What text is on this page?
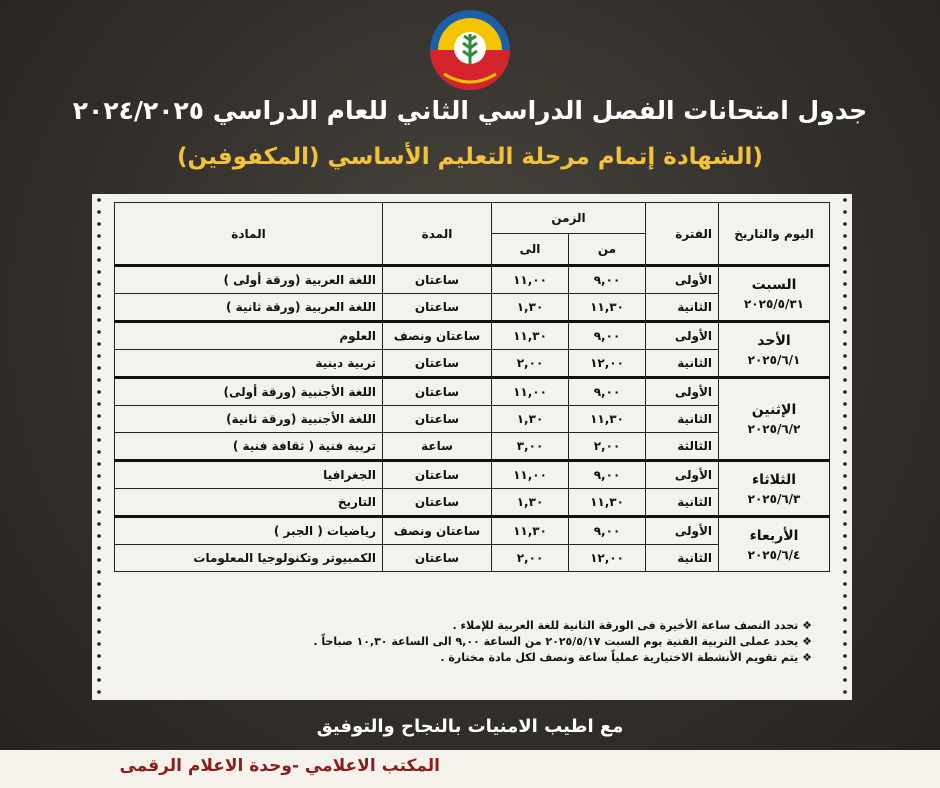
جدول امتحانات الفصل الدراسي الثاني للعام الدراسي ٢٠٢٤/٢٠٢٥
(الشهادة إتمام مرحلة التعليم الأساسي (المكفوفين)
اليوم والتاريخ	الفترة	الزمن		المدة	المادة
		من	الى		

السبت
٢٠٢٥/٥/٣١	الأولى	٩,٠٠	١١,٠٠	ساعتان	اللغة العربية (ورقة أولى )
	الثانية	١١,٣٠	١,٣٠	ساعتان	اللغة العربية (ورقة ثانية )

الأحد
٢٠٢٥/٦/١	الأولى	٩,٠٠	١١,٣٠	ساعتان ونصف	العلوم
	الثانية	١٢,٠٠	٢,٠٠	ساعتان	تربية دينية

الإثنين
٢٠٢٥/٦/٢	الأولى	٩,٠٠	١١,٠٠	ساعتان	اللغة الأجنبية (ورقة أولى)
	الثانية	١١,٣٠	١,٣٠	ساعتان	اللغة الأجنبية (ورقة ثانية)
	الثالثة	٢,٠٠	٣,٠٠	ساعة	تربية فنية ( ثقافة فنية )

الثلاثاء
٢٠٢٥/٦/٣	الأولى	٩,٠٠	١١,٠٠	ساعتان	الجغرافيا
	الثانية	١١,٣٠	١,٣٠	ساعتان	التاريخ

الأربعاء
٢٠٢٥/٦/٤	الأولى	٩,٠٠	١١,٣٠	ساعتان ونصف	رياضيات ( الجبر )
	الثانية	١٢,٠٠	٢,٠٠	ساعتان	الكمبيوتر وتكنولوجيا المعلومات
❖ تحدد النصف ساعة الأخيرة فى الورقة الثانية للغة العربية للإملاء .
❖ يحدد عملى التربية الفنية يوم السبت ٢٠٢٥/٥/١٧ من الساعة ٩,٠٠ الى الساعة ١٠,٣٠ صباحاً .
❖ يتم تقويم الأنشطة الاختيارية عملياً ساعة ونصف لكل مادة مختارة .
مع اطيب الامنيات بالنجاح والتوفيق
المكتب الاعلامي -وحدة الاعلام الرقمى
